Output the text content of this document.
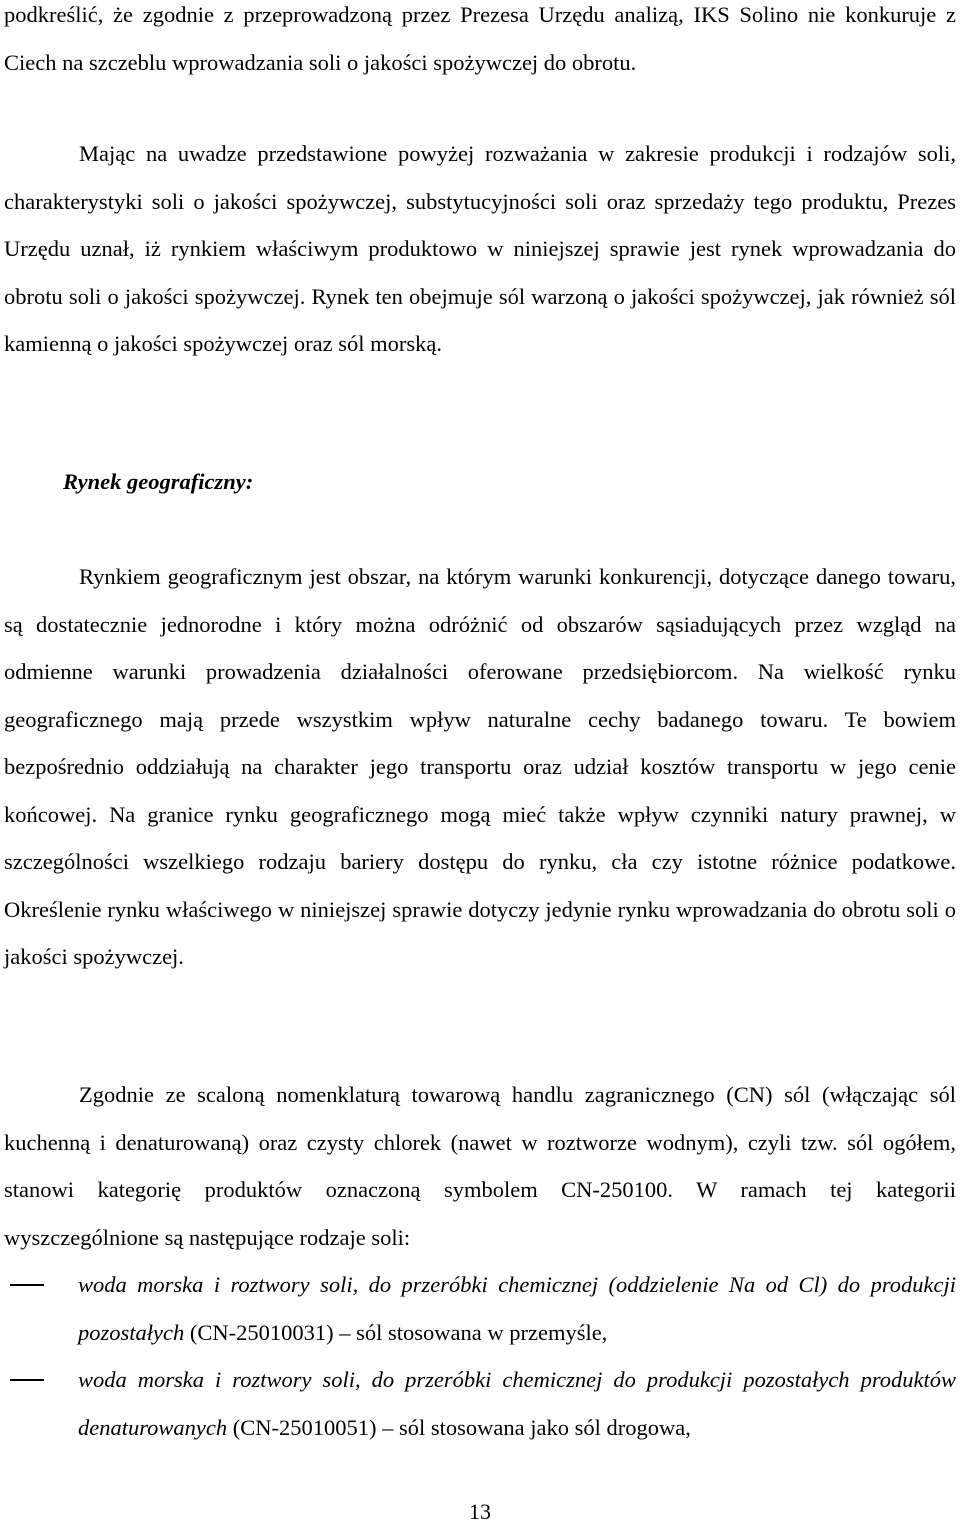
podkreślić, że zgodnie z przeprowadzoną przez Prezesa Urzędu analizą, IKS Solino nie konkuruje z Ciech na szczeblu wprowadzania soli o jakości spożywczej do obrotu.

Mając na uwadze przedstawione powyżej rozważania w zakresie produkcji i rodzajów soli, charakterystyki soli o jakości spożywczej, substytucyjności soli oraz sprzedaży tego produktu, Prezes Urzędu uznał, iż rynkiem właściwym produktowo w niniejszej sprawie jest rynek wprowadzania do obrotu soli o jakości spożywczej. Rynek ten obejmuje sól warzoną o jakości spożywczej, jak również sól kamienną o jakości spożywczej oraz sól morską.

Rynek geograficzny:

Rynkiem geograficznym jest obszar, na którym warunki konkurencji, dotyczące danego towaru, są dostatecznie jednorodne i który można odróżnić od obszarów sąsiadujących przez wzgląd na odmienne warunki prowadzenia działalności oferowane przedsiębiorcom. Na wielkość rynku geograficznego mają przede wszystkim wpływ naturalne cechy badanego towaru. Te bowiem bezpośrednio oddziałują na charakter jego transportu oraz udział kosztów transportu w jego cenie końcowej. Na granice rynku geograficznego mogą mieć także wpływ czynniki natury prawnej, w szczególności wszelkiego rodzaju bariery dostępu do rynku, cła czy istotne różnice podatkowe. Określenie rynku właściwego w niniejszej sprawie dotyczy jedynie rynku wprowadzania do obrotu soli o jakości spożywczej.

Zgodnie ze scaloną nomenklaturą towarową handlu zagranicznego (CN) sól (włączając sól kuchenną i denaturowaną) oraz czysty chlorek (nawet w roztworze wodnym), czyli tzw. sól ogółem, stanowi kategorię produktów oznaczoną symbolem CN-250100. W ramach tej kategorii wyszczególnione są następujące rodzaje soli:

woda morska i roztwory soli, do przeróbki chemicznej (oddzielenie Na od Cl) do produkcji pozostałych (CN-25010031) – sól stosowana w przemyśle,
woda morska i roztwory soli, do przeróbki chemicznej do produkcji pozostałych produktów denaturowanych (CN-25010051) – sól stosowana jako sól drogowa,
13
